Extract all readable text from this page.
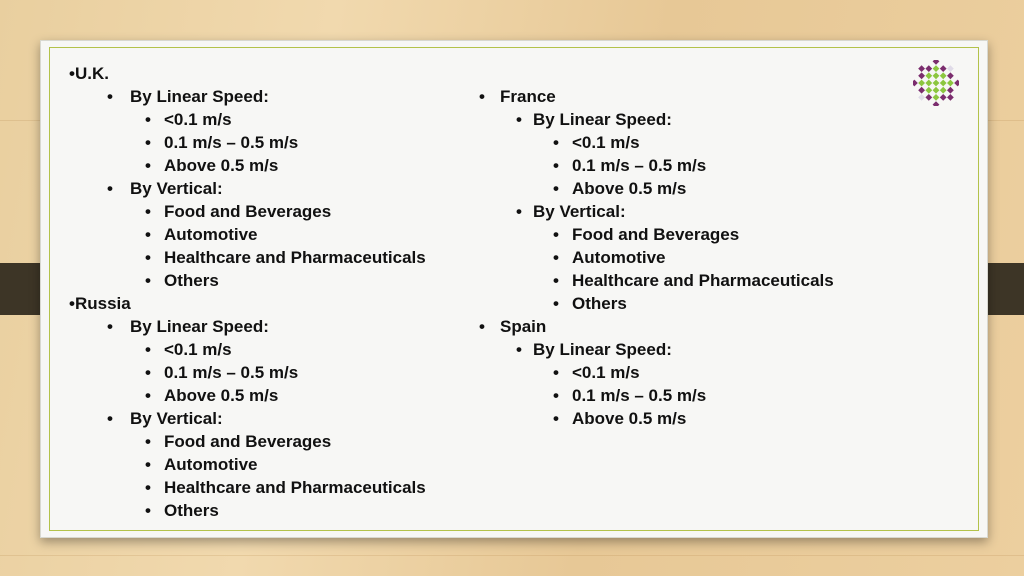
•U.K.
• By Linear Speed:
• <0.1 m/s
• 0.1 m/s – 0.5 m/s
• Above 0.5 m/s
• By Vertical:
• Food and Beverages
• Automotive
• Healthcare and Pharmaceuticals
• Others
•Russia
• By Linear Speed:
• <0.1 m/s
• 0.1 m/s – 0.5 m/s
• Above 0.5 m/s
• By Vertical:
• Food and Beverages
• Automotive
• Healthcare and Pharmaceuticals
• Others
• France
• By Linear Speed:
• <0.1 m/s
• 0.1 m/s – 0.5 m/s
• Above 0.5 m/s
• By Vertical:
• Food and Beverages
• Automotive
• Healthcare and Pharmaceuticals
• Others
• Spain
• By Linear Speed:
• <0.1 m/s
• 0.1 m/s – 0.5 m/s
• Above 0.5 m/s
